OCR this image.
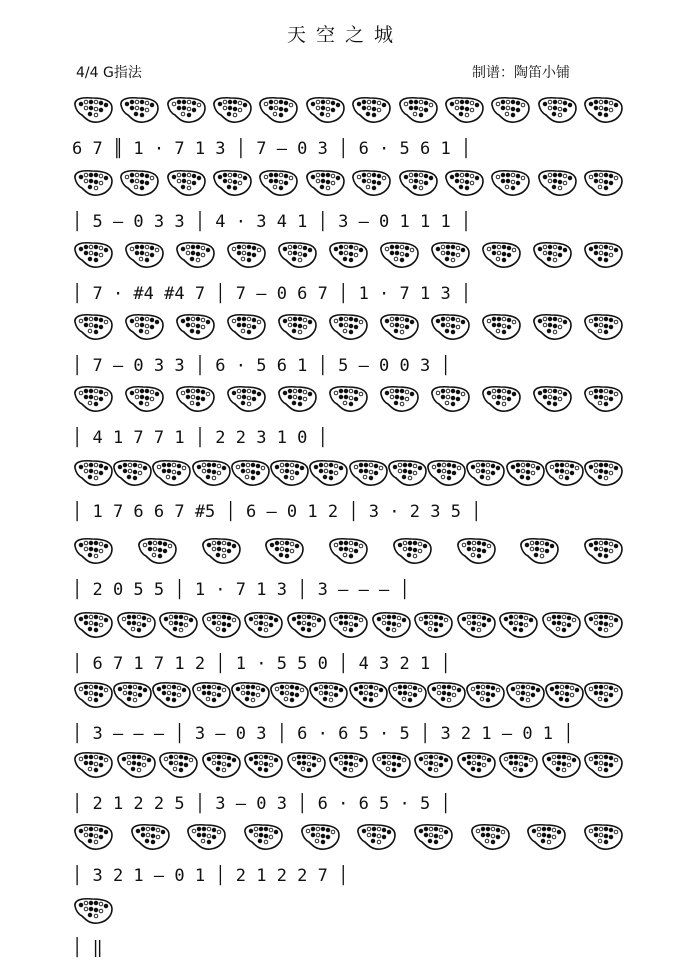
天空之城
4/4 G指法	制谱：陶笛小铺
6 7 ║ 1 · 7 1 3 │ 7 — 0 3 │ 6 · 5 6 1 │
│ 5 — 0 3 3 │ 4 · 3 4 1 │ 3 — 0 1 1 1 │
│ 7 · #4 #4 7 │ 7 — 0 6 7 │ 1 · 7 1 3 │
│ 7 — 0 3 3 │ 6 · 5 6 1 │ 5 — 0 0 3 │
│ 4 1 7 7 1 │ 2 2 3 1 0 │
│ 1 7 6 6 7 #5 │ 6 — 0 1 2 │ 3 · 2 3 5 │
│ 2 0 5 5 │ 1 · 7 1 3 │ 3 — — — │
│ 6 7 1 7 1 2 │ 1 · 5 5 0 │ 4 3 2 1 │
│ 3 — — — │ 3 — 0 3 │ 6 · 6 5 · 5 │ 3 2 1 — 0 1 │
│ 2 1 2 2 5 │ 3 — 0 3 │ 6 · 6 5 · 5 │
│ 3 2 1 — 0 1 │ 2 1 2 2 7 │
│ ‖
